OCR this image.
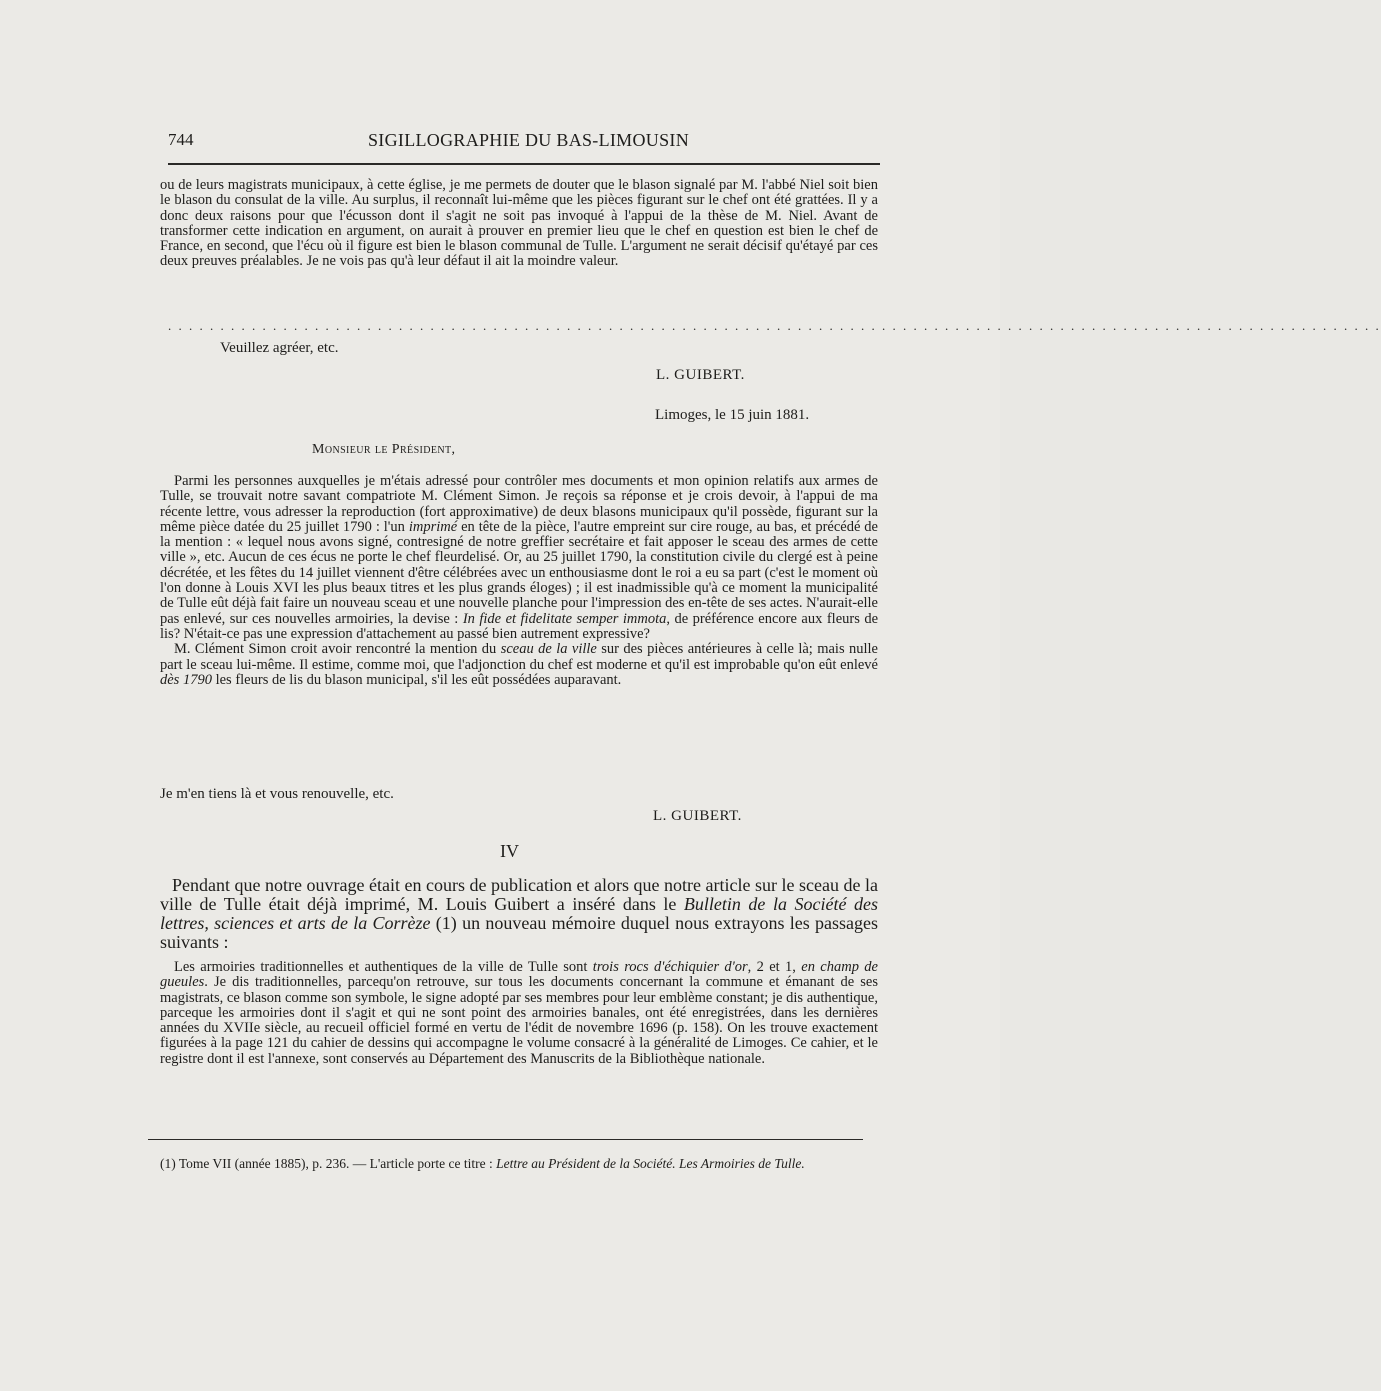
744	SIGILLOGRAPHIE DU BAS-LIMOUSIN

ou de leurs magistrats municipaux, à cette église, je me permets de douter que le blason signalé par M. l'abbé Niel soit bien le blason du consulat de la ville. Au surplus, il reconnaît lui-même que les pièces figurant sur le chef ont été grattées. Il y a donc deux raisons pour que l'écusson dont il s'agit ne soit pas invoqué à l'appui de la thèse de M. Niel. Avant de transformer cette indication en argument, on aurait à prouver en premier lieu que le chef en question est bien le chef de France, en second, que l'écu où il figure est bien le blason communal de Tulle. L'argument ne serait décisif qu'étayé par ces deux preuves préalables. Je ne vois pas qu'à leur défaut il ait la moindre valeur.

. . . . . . . . . . . . . . . . . . . . . . . . . . . . . . . . . . . . . . . . . . . . . . . . . . . . . . . . . . . . . . . . . . . . . . . . . . . . . . . . . . . . . . . . . . . . . . . . . . . . . . . . . . . . . . . . . . . .
Veuillez agréer, etc.
L. GUIBERT.
Limoges, le 15 juin 1881.
Monsieur le Président,

Parmi les personnes auxquelles je m'étais adressé pour contrôler mes documents et mon opinion relatifs aux armes de Tulle, se trouvait notre savant compatriote M. Clément Simon. Je reçois sa réponse et je crois devoir, à l'appui de ma récente lettre, vous adresser la reproduction (fort approximative) de deux blasons municipaux qu'il possède, figurant sur la même pièce datée du 25 juillet 1790 : l'un imprimé en tête de la pièce, l'autre empreint sur cire rouge, au bas, et précédé de la mention : « lequel nous avons signé, contresigné de notre greffier secrétaire et fait apposer le sceau des armes de cette ville », etc. Aucun de ces écus ne porte le chef fleurdelisé. Or, au 25 juillet 1790, la constitution civile du clergé est à peine décrétée, et les fêtes du 14 juillet viennent d'être célébrées avec un enthousiasme dont le roi a eu sa part (c'est le moment où l'on donne à Louis XVI les plus beaux titres et les plus grands éloges) ; il est inadmissible qu'à ce moment la municipalité de Tulle eût déjà fait faire un nouveau sceau et une nouvelle planche pour l'impression des en-tête de ses actes. N'aurait-elle pas enlevé, sur ces nouvelles armoiries, la devise : In fide et fidelitate semper immota, de préférence encore aux fleurs de lis? N'était-ce pas une expression d'attachement au passé bien autrement expressive?

M. Clément Simon croit avoir rencontré la mention du sceau de la ville sur des pièces antérieures à celle là; mais nulle part le sceau lui-même. Il estime, comme moi, que l'adjonction du chef est moderne et qu'il est improbable qu'on eût enlevé dès 1790 les fleurs de lis du blason municipal, s'il les eût possédées auparavant.

Je m'en tiens là et vous renouvelle, etc.
L. GUIBERT.
IV

Pendant que notre ouvrage était en cours de publication et alors que notre article sur le sceau de la ville de Tulle était déjà imprimé, M. Louis Guibert a inséré dans le Bulletin de la Société des lettres, sciences et arts de la Corrèze (1) un nouveau mémoire duquel nous extrayons les passages suivants :

Les armoiries traditionnelles et authentiques de la ville de Tulle sont trois rocs d'échiquier d'or, 2 et 1, en champ de gueules. Je dis traditionnelles, parcequ'on retrouve, sur tous les documents concernant la commune et émanant de ses magistrats, ce blason comme son symbole, le signe adopté par ses membres pour leur emblème constant; je dis authentique, parceque les armoiries dont il s'agit et qui ne sont point des armoiries banales, ont été enregistrées, dans les dernières années du XVIIe siècle, au recueil officiel formé en vertu de l'édit de novembre 1696 (p. 158). On les trouve exactement figurées à la page 121 du cahier de dessins qui accompagne le volume consacré à la généralité de Limoges. Ce cahier, et le registre dont il est l'annexe, sont conservés au Département des Manuscrits de la Bibliothèque nationale.

(1) Tome VII (année 1885), p. 236. — L'article porte ce titre : Lettre au Président de la Société. Les Armoiries de Tulle.
